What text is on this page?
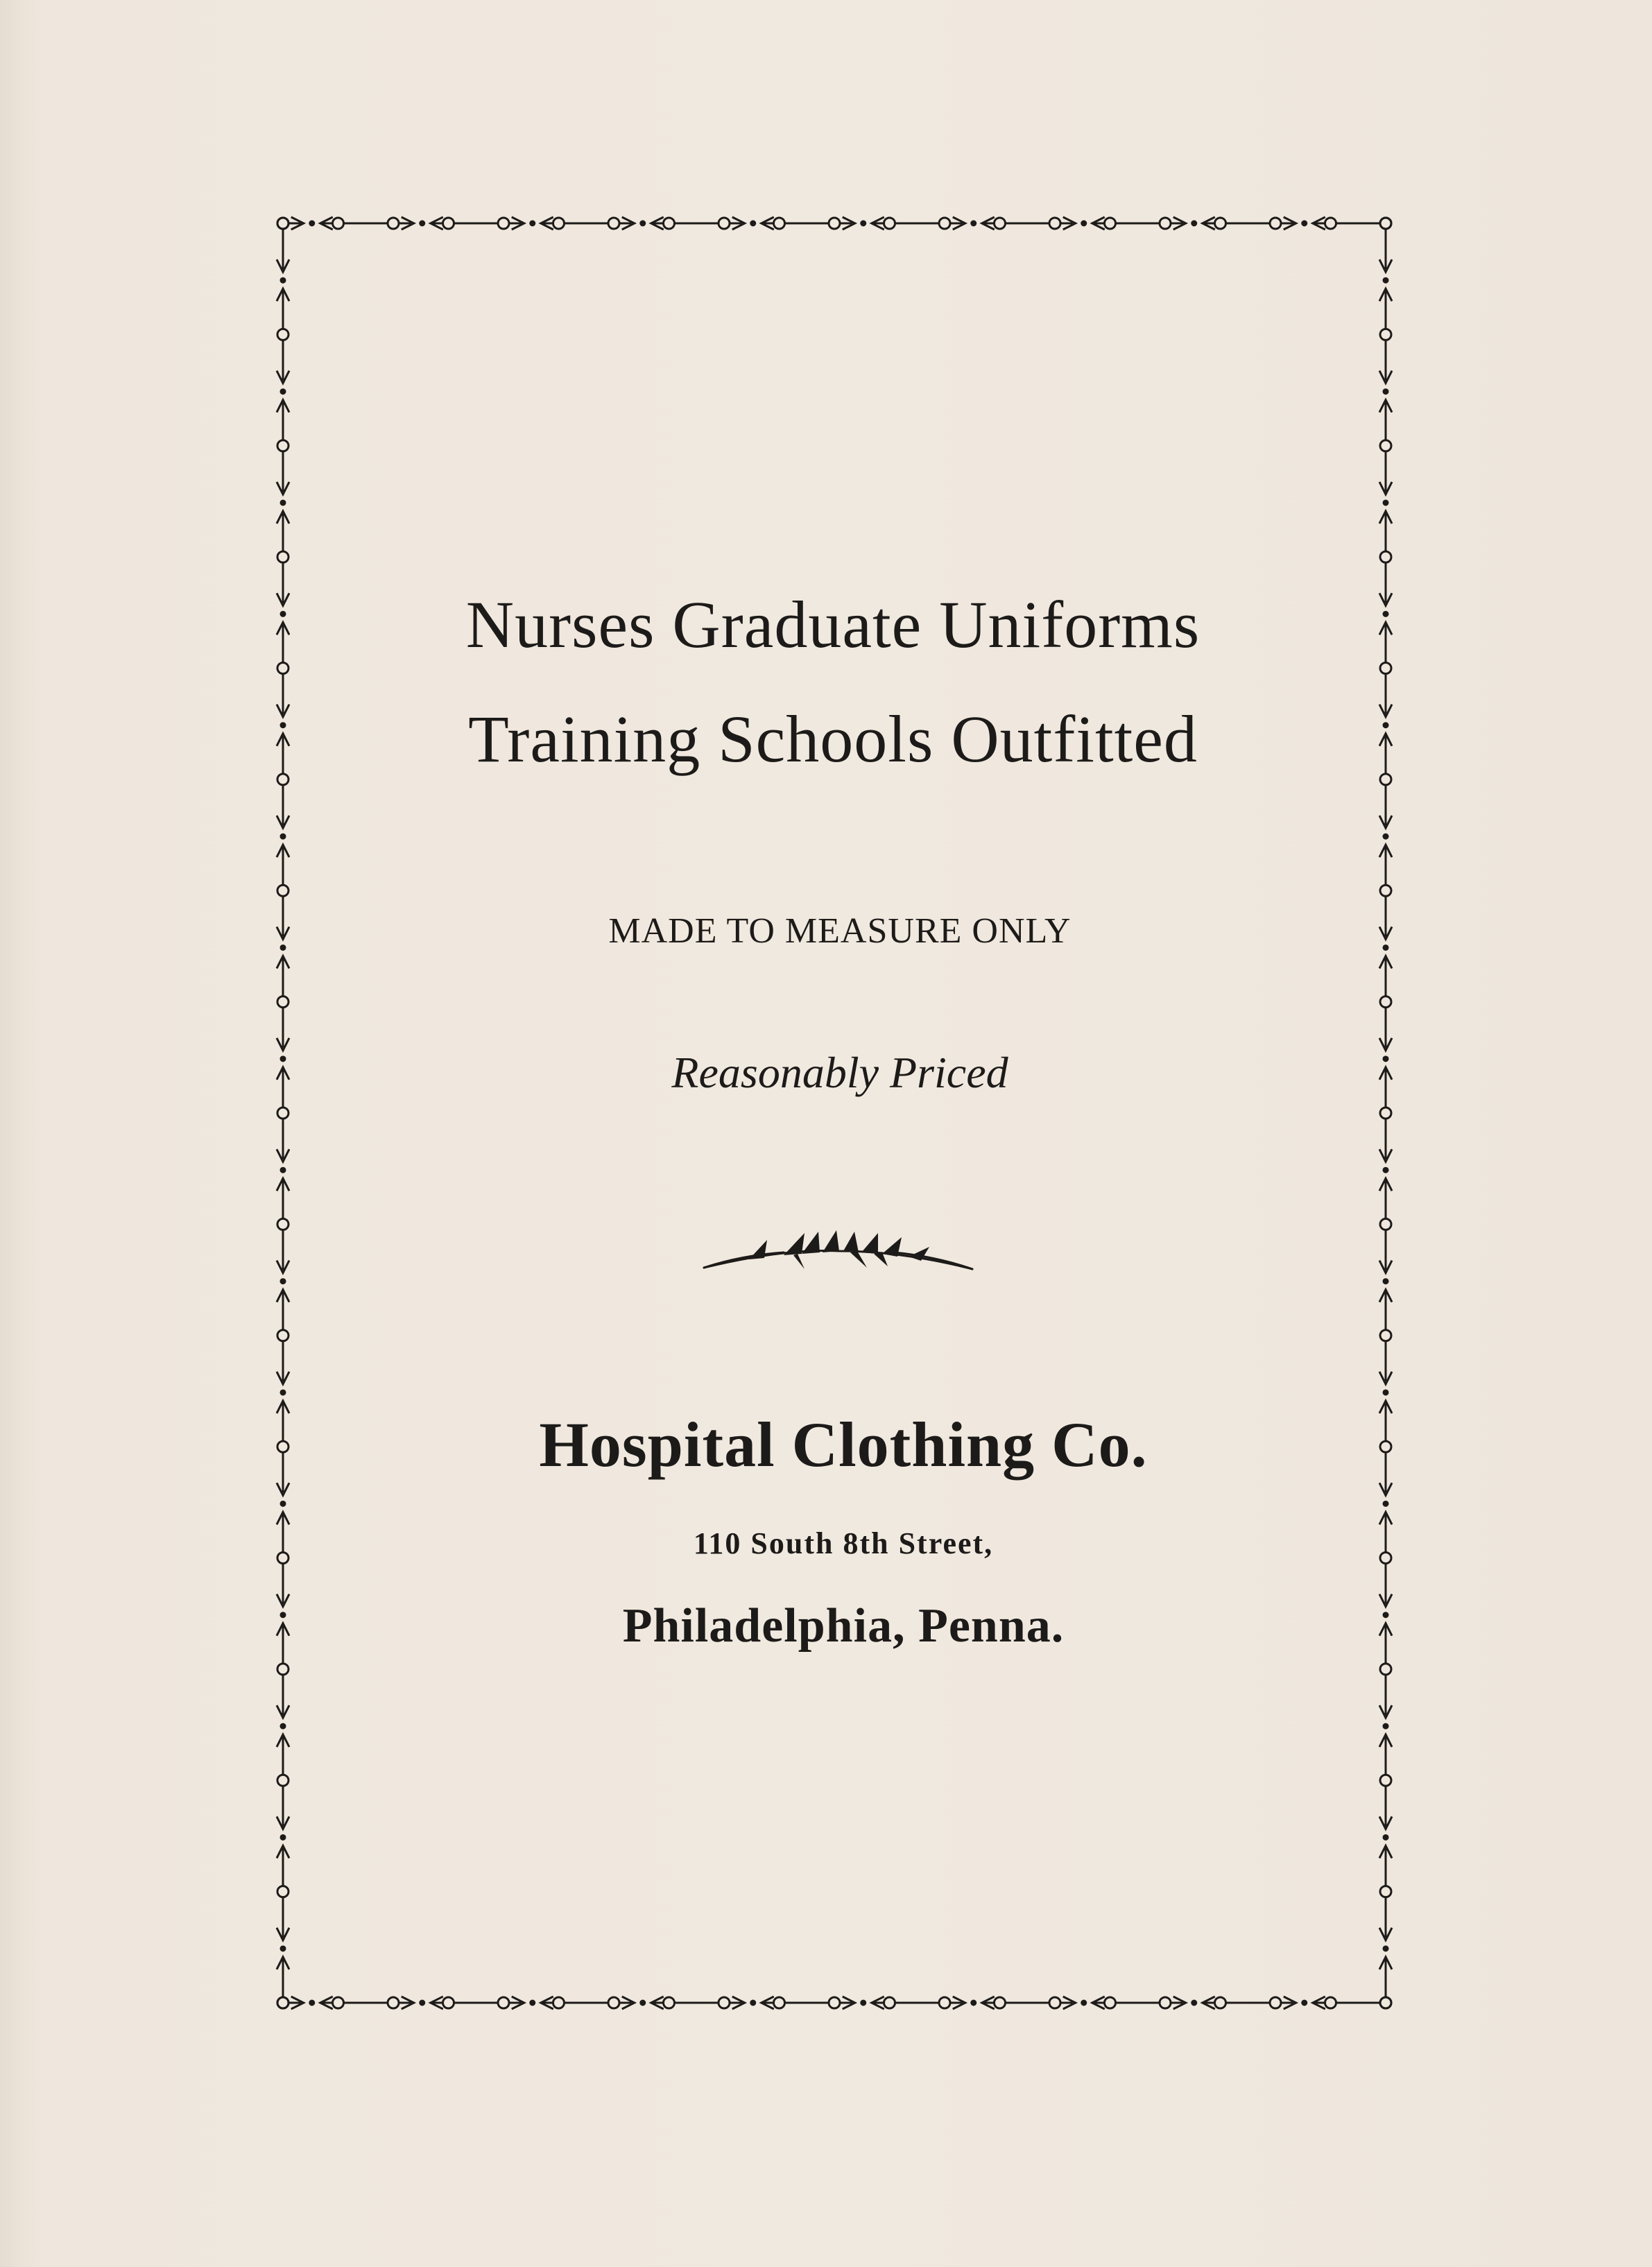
Nurses Graduate Uniforms
Training Schools Outfitted
MADE TO MEASURE ONLY
Reasonably Priced
Hospital Clothing Co.
110 South 8th Street,
Philadelphia, Penna.
